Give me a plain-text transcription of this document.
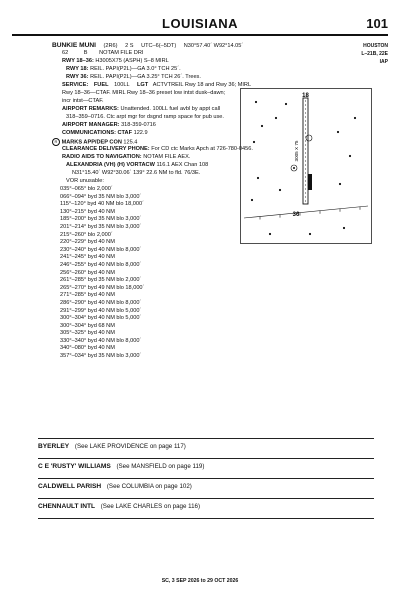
LOUISIANA	101
HOUSTON
L–21B, 22E
IAP
BUNKIE MUNI (2R6) 2 S UTC–6(–5DT) N30°57.40´ W92°14.05´
62	B NOTAM FILE DRI
RWY 18–36: H3005X75 (ASPH) S–8 MIRL
RWY 18: REIL. PAPI(P2L)—GA 3.0° TCH 25´.
RWY 36: REIL. PAPI(P2L)—GA 3.25° TCH 26´. Trees.
SERVICE: FUEL 100LL LGT ACTVTREIL Rwy 18 and Rwy 36; MIRL
Rwy 18–36—CTAF. MIRL Rwy 18–36 preset low intst dusk–dawn;
incr intst—CTAF.
AIRPORT REMARKS: Unattended. 100LL fuel avbl by appt call
318–359–0716. Ctc arpt mgr for dsgnd ramp space for pub use.
AIRPORT MANAGER: 318-359-0716
COMMUNICATIONS: CTAF 122.9
R MARKS APP/DEP CON 125.4
CLEARANCE DELIVERY PHONE: For CD ctc Marks Apch at 726-780-0456.
RADIO AIDS TO NAVIGATION: NOTAM FILE AEX.
ALEXANDRIA (VH) (H) VORTACW 116.1 AEX Chan 108
N31°15.40´ W92°30.06´ 139° 22.6 NM to fld. 76/3E.
VOR unusable:
035°–065° blo 2,000´
066°–094° byd 35 NM blo 3,000´
115°–120° byd 40 NM blo 18,000´
130°–215° byd 40 NM
185°–200° byd 35 NM blo 3,000´
201°–214° byd 35 NM blo 3,000´
215°–260° blo 2,000´
220°–229° byd 40 NM
230°–240° byd 40 NM blo 8,000´
241°–245° byd 40 NM
246°–255° byd 40 NM blo 8,000´
256°–260° byd 40 NM
261°–285° byd 35 NM blo 2,000´
265°–270° byd 49 NM blo 18,000´
271°–285° byd 40 NM
286°–290° byd 40 NM blo 8,000´
291°–299° byd 40 NM blo 5,000´
300°–304° byd 40 NM blo 5,000´
300°–304° byd 68 NM
305°–325° byd 40 NM
330°–340° byd 40 NM blo 8,000´
340°–080° byd 40 NM
357°–034° byd 35 NM blo 3,000´
18
36
3005 X 75
BYERLEY (See LAKE PROVIDENCE on page 117)
C E 'RUSTY' WILLIAMS (See MANSFIELD on page 119)
CALDWELL PARISH (See COLUMBIA on page 102)
CHENNAULT INTL (See LAKE CHARLES on page 116)
SC, 3 SEP 2026 to 29 OCT 2026
